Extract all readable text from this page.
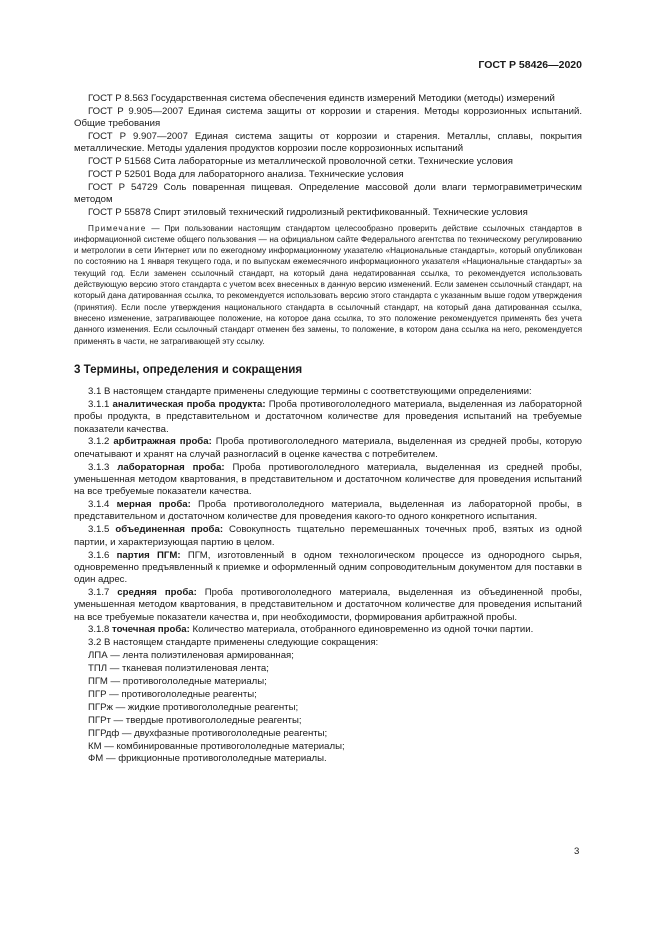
ГОСТ Р 58426—2020

ГОСТ Р 8.563 Государственная система обеспечения единств измерений Методики (методы) измерений

ГОСТ Р 9.905—2007 Единая система защиты от коррозии и старения. Методы коррозионных испытаний. Общие требования

ГОСТ Р 9.907—2007 Единая система защиты от коррозии и старения. Металлы, сплавы, покрытия металлические. Методы удаления продуктов коррозии после коррозионных испытаний

ГОСТ Р 51568 Сита лабораторные из металлической проволочной сетки. Технические условия

ГОСТ Р 52501 Вода для лабораторного анализа. Технические условия

ГОСТ Р 54729 Соль поваренная пищевая. Определение массовой доли влаги термогравиметрическим методом

ГОСТ Р 55878 Спирт этиловый технический гидролизный ректификованный. Технические условия

Примечание — При пользовании настоящим стандартом целесообразно проверить действие ссылочных стандартов в информационной системе общего пользования — на официальном сайте Федерального агентства по техническому регулированию и метрологии в сети Интернет или по ежегодному информационному указателю «Национальные стандарты», который опубликован по состоянию на 1 января текущего года, и по выпускам ежемесячного информационного указателя «Национальные стандарты» за текущий год. Если заменен ссылочный стандарт, на который дана недатированная ссылка, то рекомендуется использовать действующую версию этого стандарта с учетом всех внесенных в данную версию изменений. Если заменен ссылочный стандарт, на который дана датированная ссылка, то рекомендуется использовать версию этого стандарта с указанным выше годом утверждения (принятия). Если после утверждения национального стандарта в ссылочный стандарт, на который дана датированная ссылка, внесено изменение, затрагивающее положение, на которое дана ссылка, то это положение рекомендуется применять без учета данного изменения. Если ссылочный стандарт отменен без замены, то положение, в котором дана ссылка на него, рекомендуется применять в части, не затрагивающей эту ссылку.

3 Термины, определения и сокращения

3.1 В настоящем стандарте применены следующие термины с соответствующими определениями:

3.1.1 аналитическая проба продукта: Проба противогололедного материала, выделенная из лабораторной пробы продукта, в представительном и достаточном количестве для проведения испытаний на требуемые показатели качества.

3.1.2 арбитражная проба: Проба противогололедного материала, выделенная из средней пробы, которую опечатывают и хранят на случай разногласий в оценке качества с потребителем.

3.1.3 лабораторная проба: Проба противогололедного материала, выделенная из средней пробы, уменьшенная методом квартования, в представительном и достаточном количестве для проведения испытаний на все требуемые показатели качества.

3.1.4 мерная проба: Проба противогололедного материала, выделенная из лабораторной пробы, в представительном и достаточном количестве для проведения какого-то одного конкретного испытания.

3.1.5 объединенная проба: Совокупность тщательно перемешанных точечных проб, взятых из одной партии, и характеризующая партию в целом.

3.1.6 партия ПГМ: ПГМ, изготовленный в одном технологическом процессе из однородного сырья, одновременно предъявленный к приемке и оформленный одним сопроводительным документом для поставки в один адрес.

3.1.7 средняя проба: Проба противогололедного материала, выделенная из объединенной пробы, уменьшенная методом квартования, в представительном и достаточном количестве для проведения испытаний на все требуемые показатели качества и, при необходимости, формирования арбитражной пробы.

3.1.8 точечная проба: Количество материала, отобранного единовременно из одной точки партии.

3.2 В настоящем стандарте применены следующие сокращения:

ЛПА — лента полиэтиленовая армированная;

ТПЛ — тканевая полиэтиленовая лента;

ПГМ — противогололедные материалы;

ПГР — противогололедные реагенты;

ПГРж — жидкие противогололедные реагенты;

ПГРт — твердые противогололедные реагенты;

ПГРдф — двухфазные противогололедные реагенты;

КМ — комбинированные противогололедные материалы;

ФМ — фрикционные противогололедные материалы.

3
